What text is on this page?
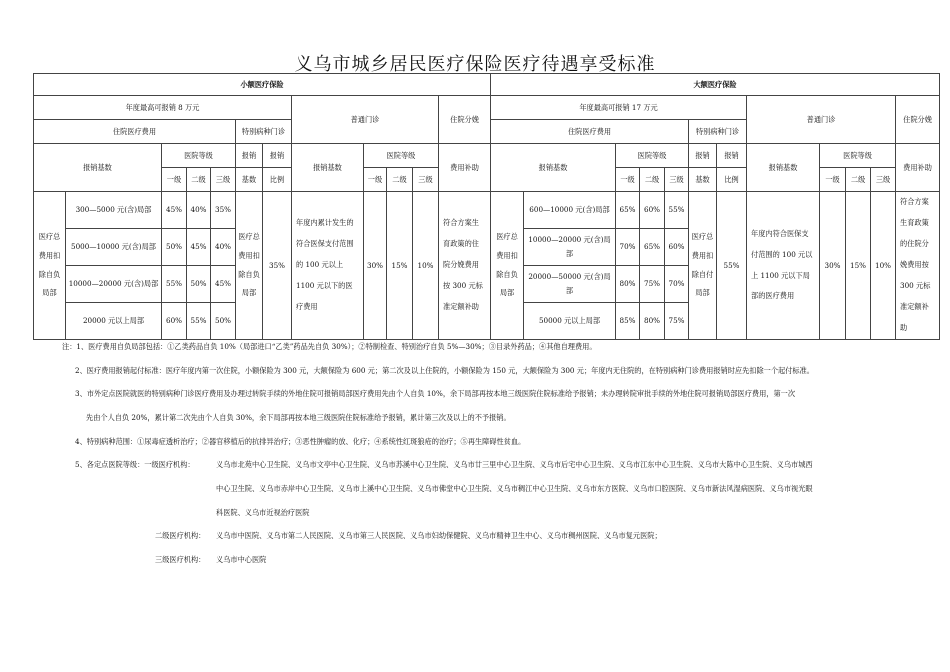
义乌市城乡居民医疗保险医疗待遇享受标准
小额医疗保险												大额医疗保险											
年度最高可报销 8 万元							普通门诊				住院分娩	年度最高可报销 17 万元							普通门诊				住院分娩
住院医疗费用					特别病种门诊							住院医疗费用					特别病种门诊						
报销基数		医院等级			报销	报销	报销基数	医院等级			费用补助	报销基数		医院等级			报销	报销	报销基数	医院等级			费用补助
		一级	二级	三级	基数	比例		一级	二级	三级				一级	二级	三级	基数	比例		一级	二级	三级	
医疗总费用扣除自负局部	300—5000 元(含)局部	45%	40%	35%	医疗总费用扣除自负局部	35%	年度内累计发生的符合医保支付范围的 100 元以上 1100 元以下的医疗费用	30%	15%	10%	符合方案生育政策的住院分娩费用按 300 元标准定额补助	医疗总费用扣除自负局部	600—10000 元(含)局部	65%	60%	55%	医疗总费用扣除自付局部	55%	年度内符合医保支付范围的 100 元以上 1100 元以下局部的医疗费用	30%	15%	10%	符合方案生育政策的住院分娩费用按 300 元标准定额补助
	5000—10000 元(含)局部	50%	45%	40%									10000—20000 元(含)局部	70%	65%	60%							
	10000—20000 元(含)局部	55%	50%	45%									20000—50000 元(含)局部	80%	75%	70%							
	20000 元以上局部	60%	55%	50%									50000 元以上局部	85%	80%	75%							
注：1、医疗费用自负局部包括：①乙类药品自负 10%（局部进口“乙类”药品先自负 30%）；②特制检查、特别治疗自负 5%—30%；③目录外药品；④其他自理费用。
2、医疗费用报销起付标准：医疗年度内第一次住院，小额保险为 300 元，大额保险为 600 元；第二次及以上住院的，小额保险为 150 元，大额保险为 300 元；年度内无住院的，在特别病种门诊费用报销时应先扣除一个起付标准。
3、市外定点医院就医的特别病种门诊医疗费用及办理过转院手续的外地住院可报销局部医疗费用先由个人自负 10%，余下局部再按本地三级医院住院标准给予报销；未办理转院审批手续的外地住院可报销局部医疗费用，第一次
先由个人自负 20%，累计第二次先由个人自负 30%，余下局部再按本地三级医院住院标准给予报销，累计第三次及以上的不予报销。
4、特别病种范围：①尿毒症透析治疗；②器官移植后的抗排异治疗；③恶性肿瘤的放、化疗；④系统性红斑狼疮的治疗；⑤再生障碍性贫血。
5、各定点医院等级：一级医疗机构：	义乌市北苑中心卫生院、义乌市文亭中心卫生院、义乌市苏溪中心卫生院、义乌市廿三里中心卫生院、义乌市后宅中心卫生院、义乌市江东中心卫生院、义乌市大陈中心卫生院、义乌市城西
中心卫生院、义乌市赤岸中心卫生院、义乌市上溪中心卫生院、义乌市佛堂中心卫生院、义乌市稠江中心卫生院、义乌市东方医院、义乌市口腔医院、义乌市新法风湿病医院、义乌市视光眼
科医院、义乌市近视治疗医院
二级医疗机构： 义乌市中医院、义乌市第二人民医院、义乌市第三人民医院、义乌市妇幼保健院、义乌市精神卫生中心、义乌市稠州医院、义乌市复元医院；
三级医疗机构： 义乌市中心医院
